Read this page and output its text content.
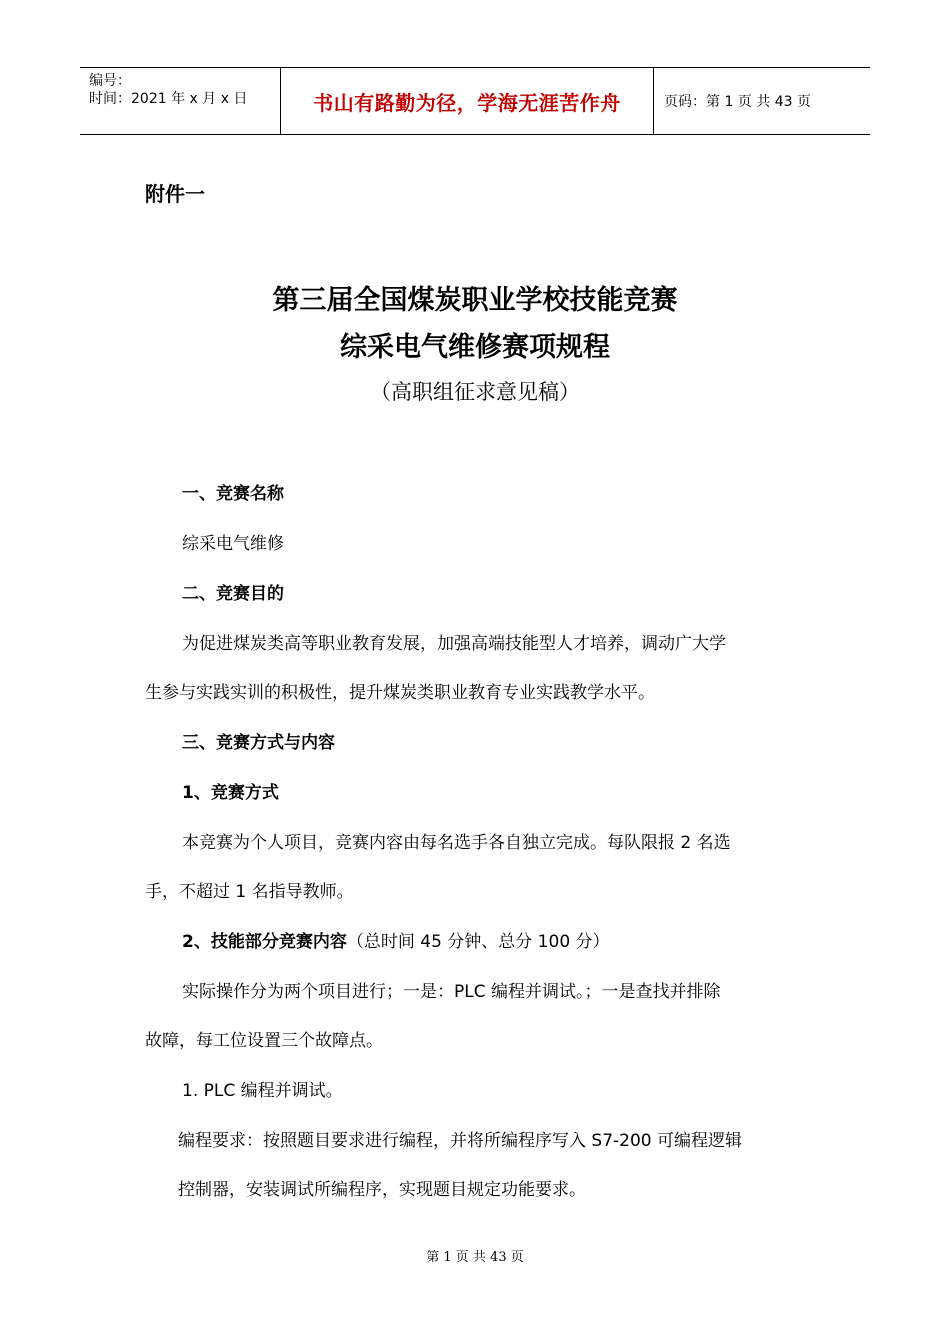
编号：
时间：2021 年 x 月 x 日	书山有路勤为径，学海无涯苦作舟	页码：第 1 页 共 43 页
附件一
第三届全国煤炭职业学校技能竞赛
综采电气维修赛项规程
（高职组征求意见稿）
一、竞赛名称
综采电气维修
二、竞赛目的
为促进煤炭类高等职业教育发展，加强高端技能型人才培养，调动广大学
生参与实践实训的积极性，提升煤炭类职业教育专业实践教学水平。
三、竞赛方式与内容
1、竞赛方式
本竞赛为个人项目，竞赛内容由每名选手各自独立完成。每队限报 2 名选
手，不超过 1 名指导教师。
2、技能部分竞赛内容（总时间 45 分钟、总分 100 分）
实际操作分为两个项目进行；一是：PLC 编程并调试。；一是查找并排除
故障，每工位设置三个故障点。
1. PLC 编程并调试。
编程要求：按照题目要求进行编程，并将所编程序写入 S7-200 可编程逻辑
控制器，安装调试所编程序，实现题目规定功能要求。
第 1 页 共 43 页
